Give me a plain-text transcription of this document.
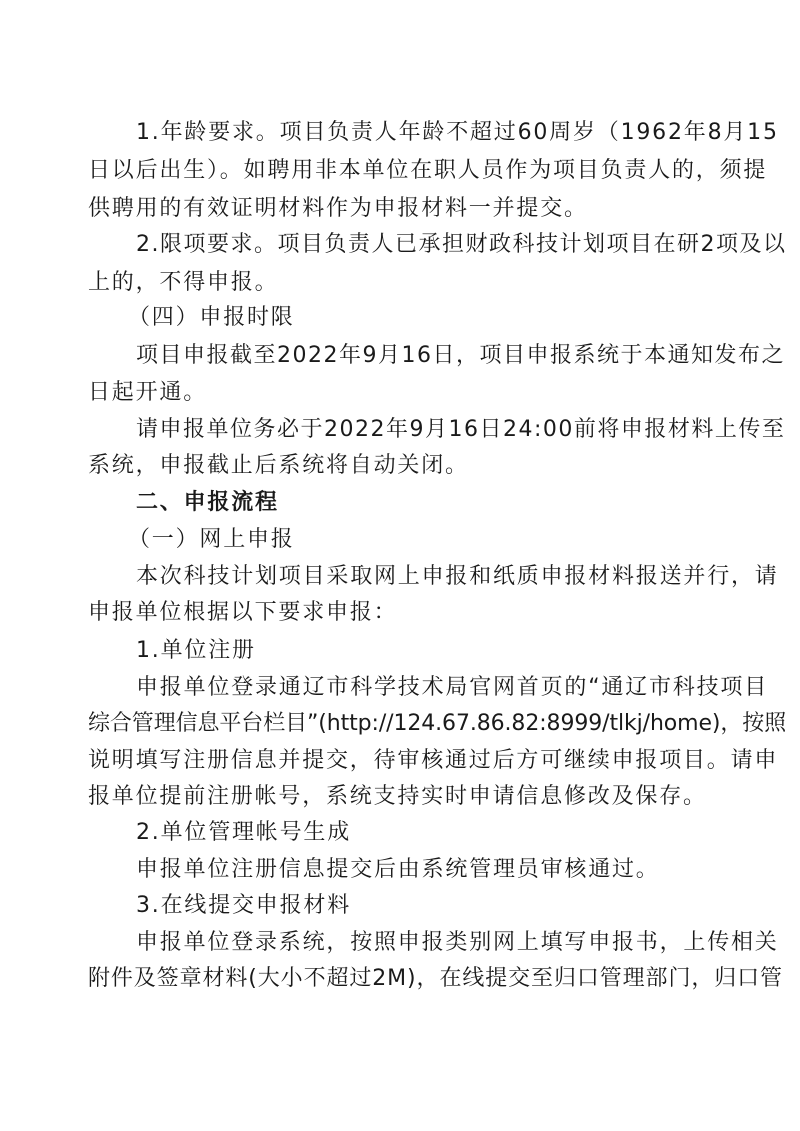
1.年龄要求。项目负责人年龄不超过60周岁（1962年8月15
日以后出生）。如聘用非本单位在职人员作为项目负责人的，须提
供聘用的有效证明材料作为申报材料一并提交。
2.限项要求。项目负责人已承担财政科技计划项目在研2项及以
上的，不得申报。
（四）申报时限
项目申报截至2022年9月16日，项目申报系统于本通知发布之
日起开通。
请申报单位务必于2022年9月16日24:00前将申报材料上传至
系统，申报截止后系统将自动关闭。
二、申报流程
（一）网上申报
本次科技计划项目采取网上申报和纸质申报材料报送并行，请
申报单位根据以下要求申报：
1.单位注册
申报单位登录通辽市科学技术局官网首页的“通辽市科技项目
综合管理信息平台栏目”(http://124.67.86.82:8999/tlkj/home)，按照
说明填写注册信息并提交，待审核通过后方可继续申报项目。请申
报单位提前注册帐号，系统支持实时申请信息修改及保存。
2.单位管理帐号生成
申报单位注册信息提交后由系统管理员审核通过。
3.在线提交申报材料
申报单位登录系统，按照申报类别网上填写申报书，上传相关
附件及签章材料(大小不超过2M)，在线提交至归口管理部门，归口管
